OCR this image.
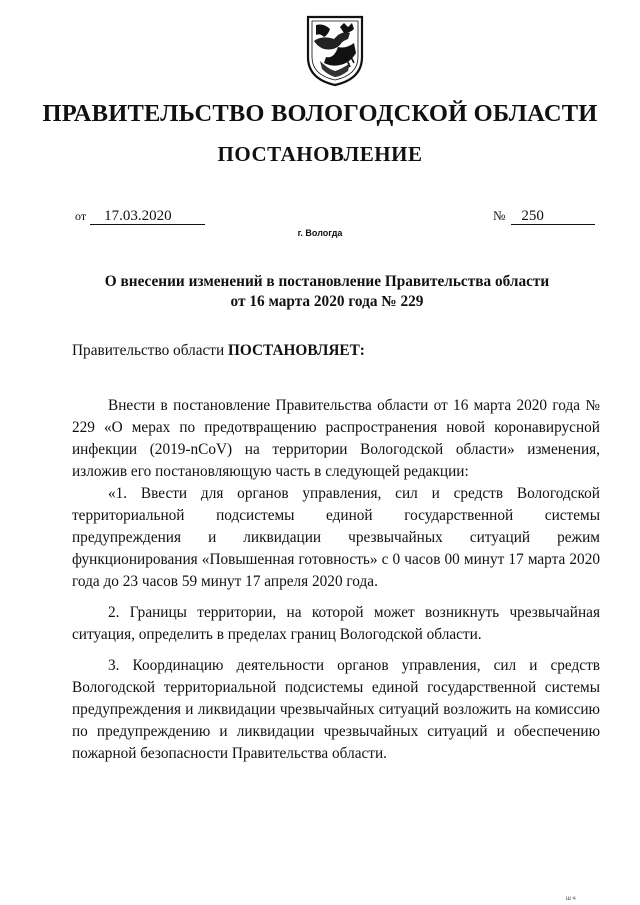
ПРАВИТЕЛЬСТВО ВОЛОГОДСКОЙ ОБЛАСТИ
ПОСТАНОВЛЕНИЕ
от 17.03.2020	№ 250
г. Вологда
О внесении изменений в постановление Правительства области
от 16 марта 2020 года № 229
Правительство области ПОСТАНОВЛЯЕТ:

Внести в постановление Правительства области от 16 марта 2020 года № 229 «О мерах по предотвращению распространения новой коронавирусной инфекции (2019-nCoV) на территории Вологодской области» изменения, изложив его постановляющую часть в следующей редакции:

«1. Ввести для органов управления, сил и средств Вологодской территориальной подсистемы единой государственной системы предупреждения и ликвидации чрезвычайных ситуаций режим функционирования «Повышенная готовность» с 0 часов 00 минут 17 марта 2020 года до 23 часов 59 минут 17 апреля 2020 года.

2. Границы территории, на которой может возникнуть чрезвычайная ситуация, определить в пределах границ Вологодской области.

3. Координацию деятельности органов управления, сил и средств Вологодской территориальной подсистемы единой государственной системы предупреждения и ликвидации чрезвычайных ситуаций возложить на комиссию по предупреждению и ликвидации чрезвычайных ситуаций и обеспечению пожарной безопасности Правительства области.

ш ч
